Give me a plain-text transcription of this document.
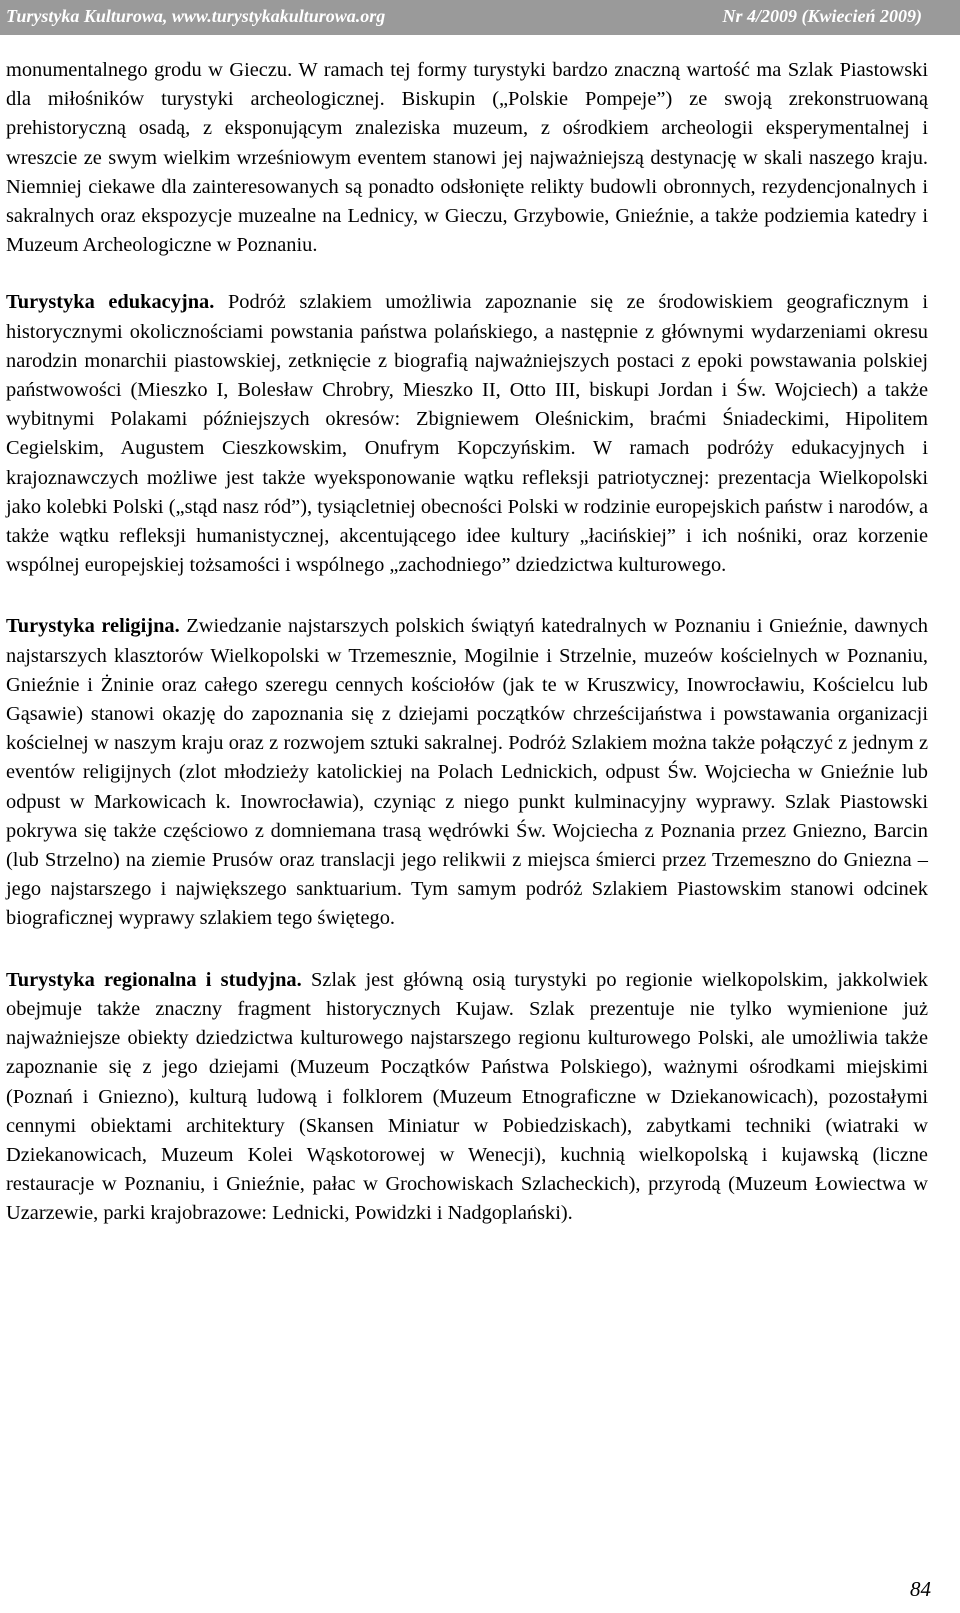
Turystyka Kulturowa, www.turystykakulturowa.org	Nr 4/2009 (Kwiecień 2009)

monumentalnego grodu w Gieczu. W ramach tej formy turystyki bardzo znaczną wartość ma Szlak Piastowski dla miłośników turystyki archeologicznej. Biskupin („Polskie Pompeje”) ze swoją zrekonstruowaną prehistoryczną osadą, z eksponującym znaleziska muzeum, z ośrodkiem archeologii eksperymentalnej i wreszcie ze swym wielkim wrześniowym eventem stanowi jej najważniejszą destynację w skali naszego kraju. Niemniej ciekawe dla zainteresowanych są ponadto odsłonięte relikty budowli obronnych, rezydencjonalnych i sakralnych oraz ekspozycje muzealne na Lednicy, w Gieczu, Grzybowie, Gnieźnie, a także podziemia katedry i Muzeum Archeologiczne w Poznaniu.

Turystyka edukacyjna. Podróż szlakiem umożliwia zapoznanie się ze środowiskiem geograficznym i historycznymi okolicznościami powstania państwa polańskiego, a następnie z głównymi wydarzeniami okresu narodzin monarchii piastowskiej, zetknięcie z biografią najważniejszych postaci z epoki powstawania polskiej państwowości (Mieszko I, Bolesław Chrobry, Mieszko II, Otto III, biskupi Jordan i Św. Wojciech) a także wybitnymi Polakami późniejszych okresów: Zbigniewem Oleśnickim, braćmi Śniadeckimi, Hipolitem Cegielskim, Augustem Cieszkowskim, Onufrym Kopczyńskim. W ramach podróży edukacyjnych i krajoznawczych możliwe jest także wyeksponowanie wątku refleksji patriotycznej: prezentacja Wielkopolski jako kolebki Polski („stąd nasz ród”), tysiącletniej obecności Polski w rodzinie europejskich państw i narodów, a także wątku refleksji humanistycznej, akcentującego idee kultury „łacińskiej” i ich nośniki, oraz korzenie wspólnej europejskiej tożsamości i wspólnego „zachodniego” dziedzictwa kulturowego.

Turystyka religijna. Zwiedzanie najstarszych polskich świątyń katedralnych w Poznaniu i Gnieźnie, dawnych najstarszych klasztorów Wielkopolski w Trzemesznie, Mogilnie i Strzelnie, muzeów kościelnych w Poznaniu, Gnieźnie i Żninie oraz całego szeregu cennych kościołów (jak te w Kruszwicy, Inowrocławiu, Kościelcu lub Gąsawie) stanowi okazję do zapoznania się z dziejami początków chrześcijaństwa i powstawania organizacji kościelnej w naszym kraju oraz z rozwojem sztuki sakralnej. Podróż Szlakiem można także połączyć z jednym z eventów religijnych (zlot młodzieży katolickiej na Polach Lednickich, odpust Św. Wojciecha w Gnieźnie lub odpust w Markowicach k. Inowrocławia), czyniąc z niego punkt kulminacyjny wyprawy. Szlak Piastowski pokrywa się także częściowo z domniemana trasą wędrówki Św. Wojciecha z Poznania przez Gniezno, Barcin (lub Strzelno) na ziemie Prusów oraz translacji jego relikwii z miejsca śmierci przez Trzemeszno do Gniezna – jego najstarszego i największego sanktuarium. Tym samym podróż Szlakiem Piastowskim stanowi odcinek biograficznej wyprawy szlakiem tego świętego.

Turystyka regionalna i studyjna. Szlak jest główną osią turystyki po regionie wielkopolskim, jakkolwiek obejmuje także znaczny fragment historycznych Kujaw. Szlak prezentuje nie tylko wymienione już najważniejsze obiekty dziedzictwa kulturowego najstarszego regionu kulturowego Polski, ale umożliwia także zapoznanie się z jego dziejami (Muzeum Początków Państwa Polskiego), ważnymi ośrodkami miejskimi (Poznań i Gniezno), kulturą ludową i folklorem (Muzeum Etnograficzne w Dziekanowicach), pozostałymi cennymi obiektami architektury (Skansen Miniatur w Pobiedziskach), zabytkami techniki (wiatraki w Dziekanowicach, Muzeum Kolei Wąskotorowej w Wenecji), kuchnią wielkopolską i kujawską (liczne restauracje w Poznaniu, i Gnieźnie, pałac w Grochowiskach Szlacheckich), przyrodą (Muzeum Łowiectwa w Uzarzewie, parki krajobrazowe: Lednicki, Powidzki i Nadgoplański).

84
